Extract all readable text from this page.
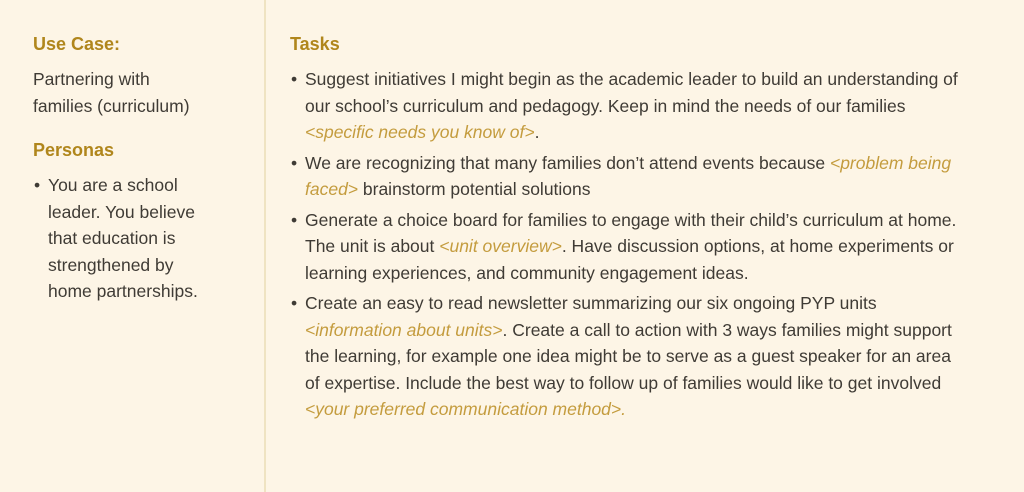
Use Case:

Partnering with families (curriculum)

Personas
• You are a school leader. You believe that education is strengthened by home partnerships.
Tasks
• Suggest initiatives I might begin as the academic leader to build an understanding of our school’s curriculum and pedagogy. Keep in mind the needs of our families <specific needs you know of>.
• We are recognizing that many families don’t attend events because <problem being faced> brainstorm potential solutions
• Generate a choice board for families to engage with their child’s curriculum at home. The unit is about <unit overview>. Have discussion options, at home experiments or learning experiences, and community engagement ideas.
• Create an easy to read newsletter summarizing our six ongoing PYP units <information about units>. Create a call to action with 3 ways families might support the learning, for example one idea might be to serve as a guest speaker for an area of expertise. Include the best way to follow up of families would like to get involved <your preferred communication method>.
